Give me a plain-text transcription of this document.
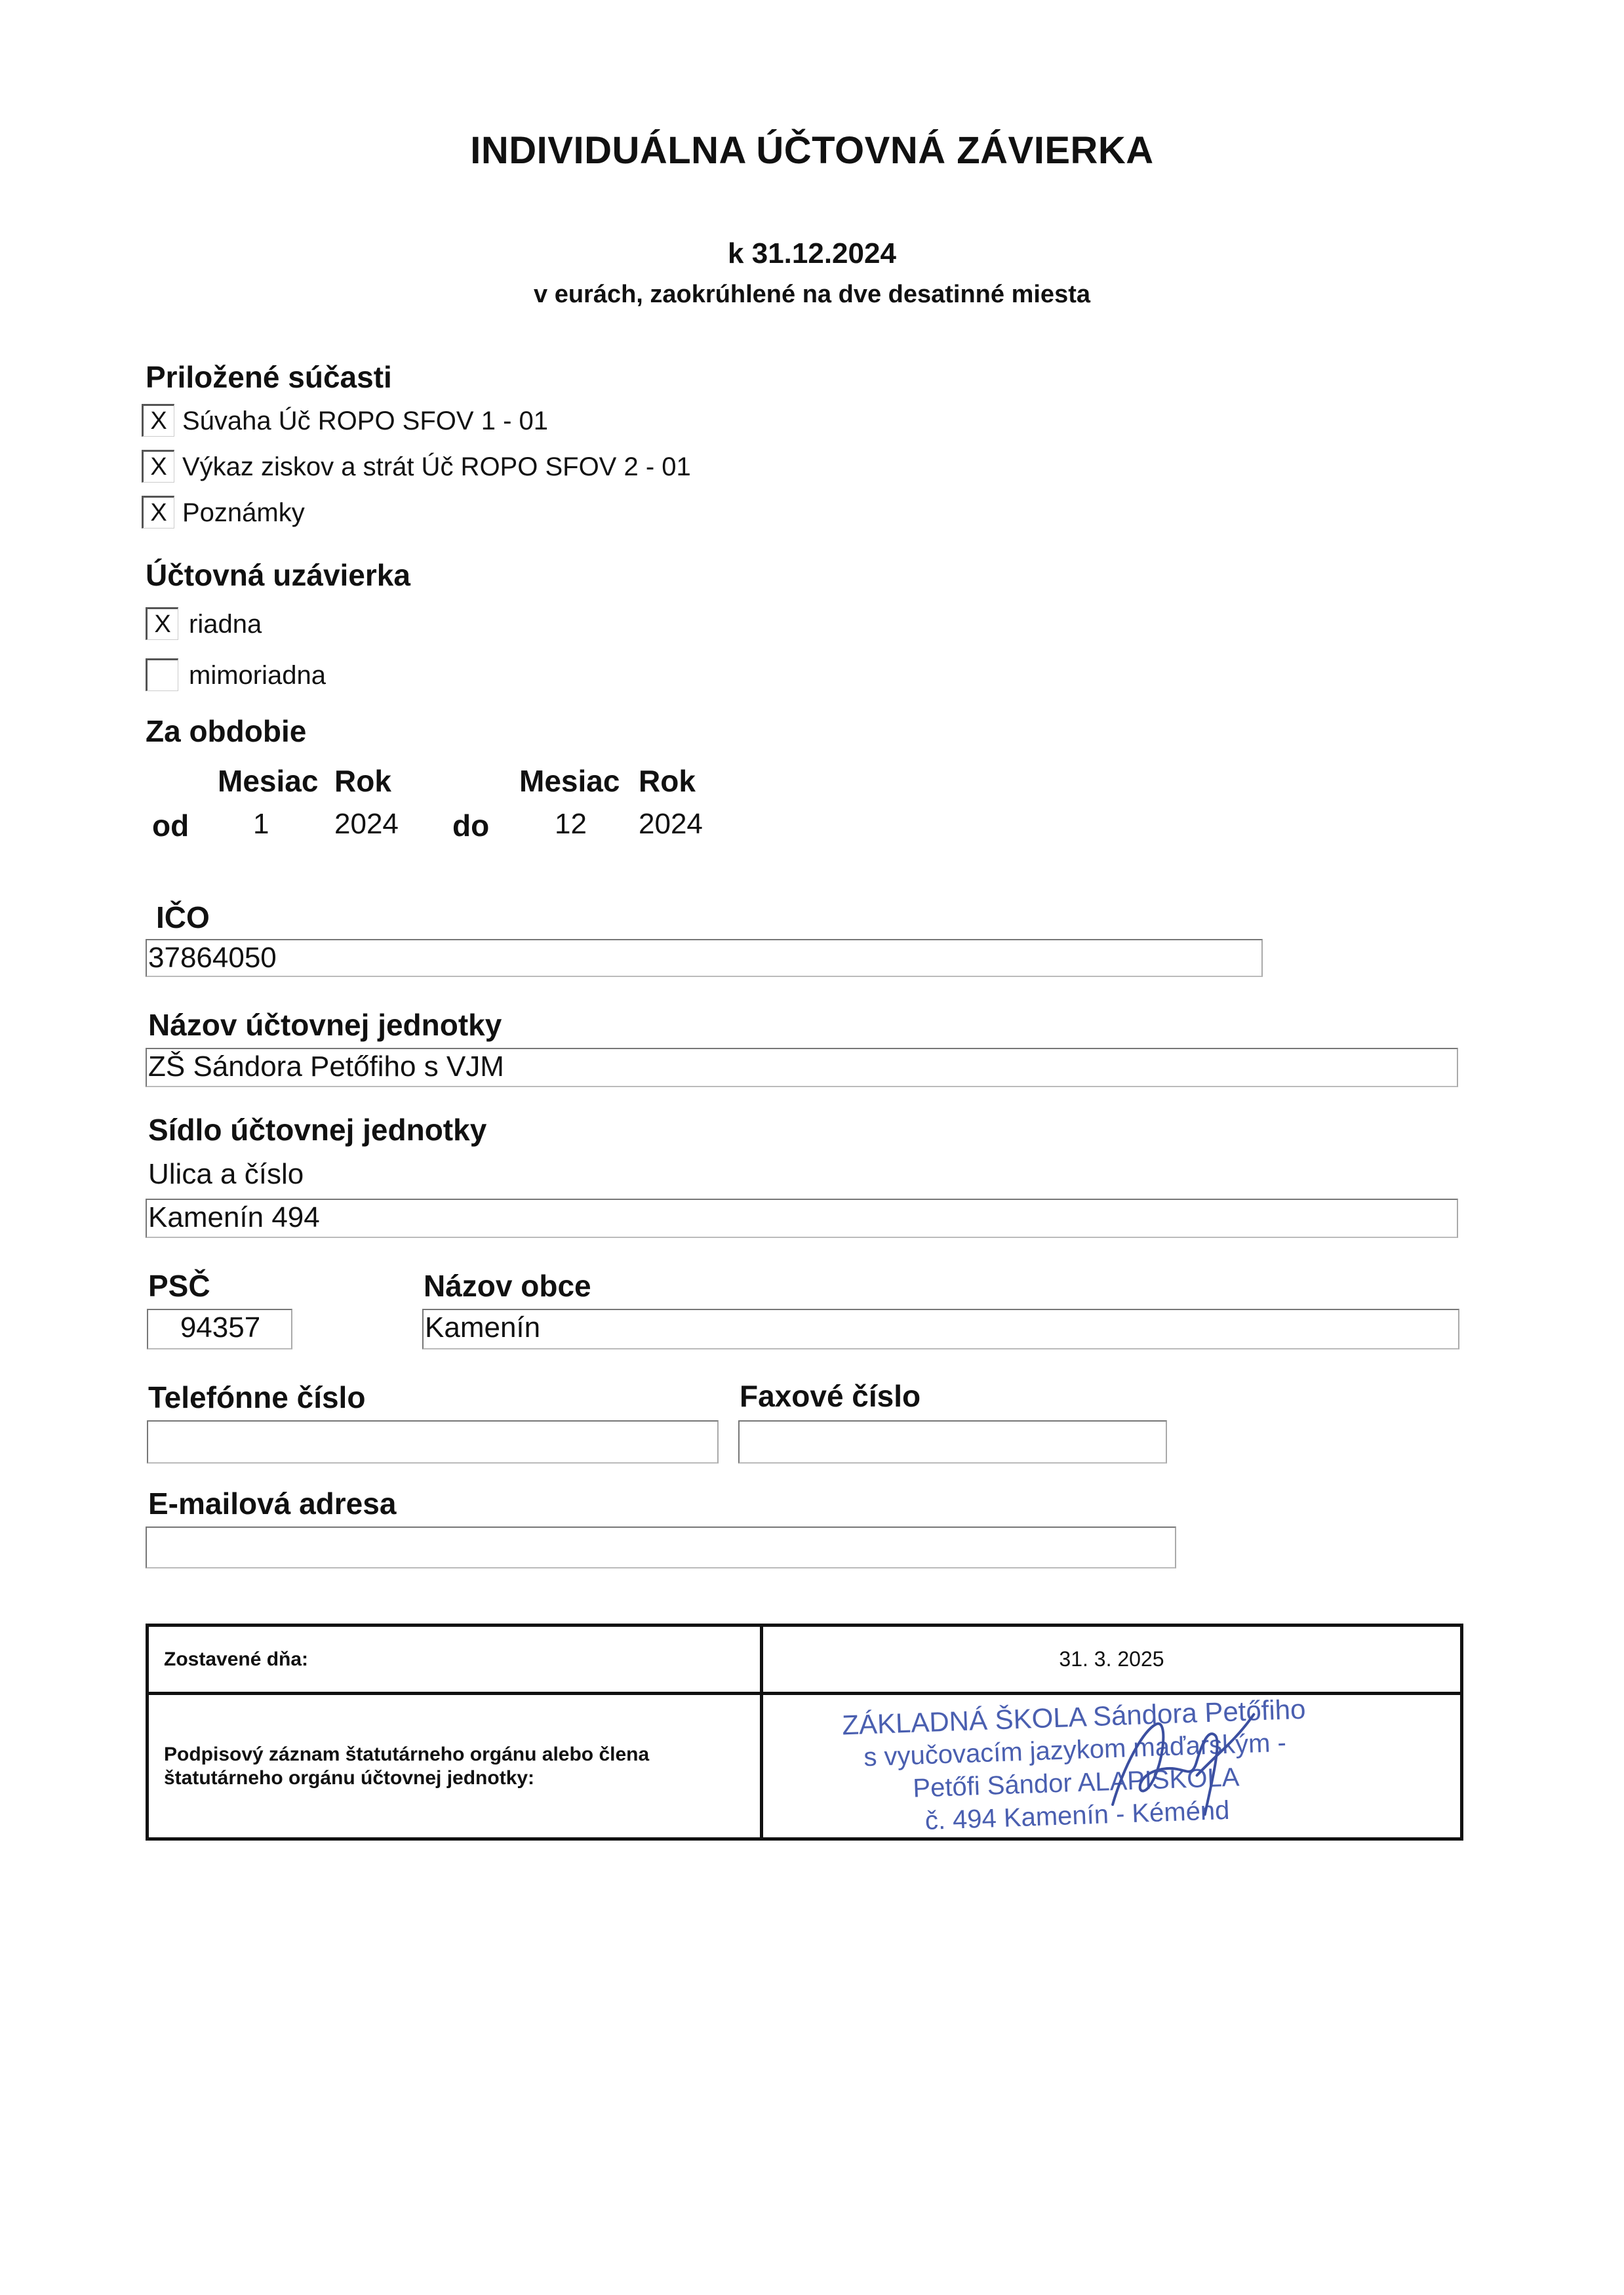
INDIVIDUÁLNA ÚČTOVNÁ ZÁVIERKA
k 31.12.2024
v eurách, zaokrúhlené na dve desatinné miesta
Priložené súčasti
X Súvaha Úč ROPO SFOV 1 - 01
X Výkaz ziskov a strát Úč ROPO SFOV 2 - 01
X Poznámky
Účtovná uzávierka
X riadna
mimoriadna
Za obdobie
Mesiac Rok	Mesiac Rok
od 1 2024 do 12 2024
IČO
37864050
Názov účtovnej jednotky
ZŠ Sándora Petőfiho s VJM
Sídlo účtovnej jednotky
Ulica a číslo
Kamenín 494
PSČ
94357
Názov obce
Kamenín
Telefónne číslo	Faxové číslo
E-mailová adresa
Zostavené dňa:	31. 3. 2025

Podpisový záznam štatutárneho orgánu alebo člena štatutárneho orgánu účtovnej jednotky:	ZÁKLADNÁ ŠKOLA Sándora Petőfiho
s vyučovacím jazykom maďarským -
Petőfi Sándor ALAPISKOLA
č. 494 Kamenín - Kéménd
